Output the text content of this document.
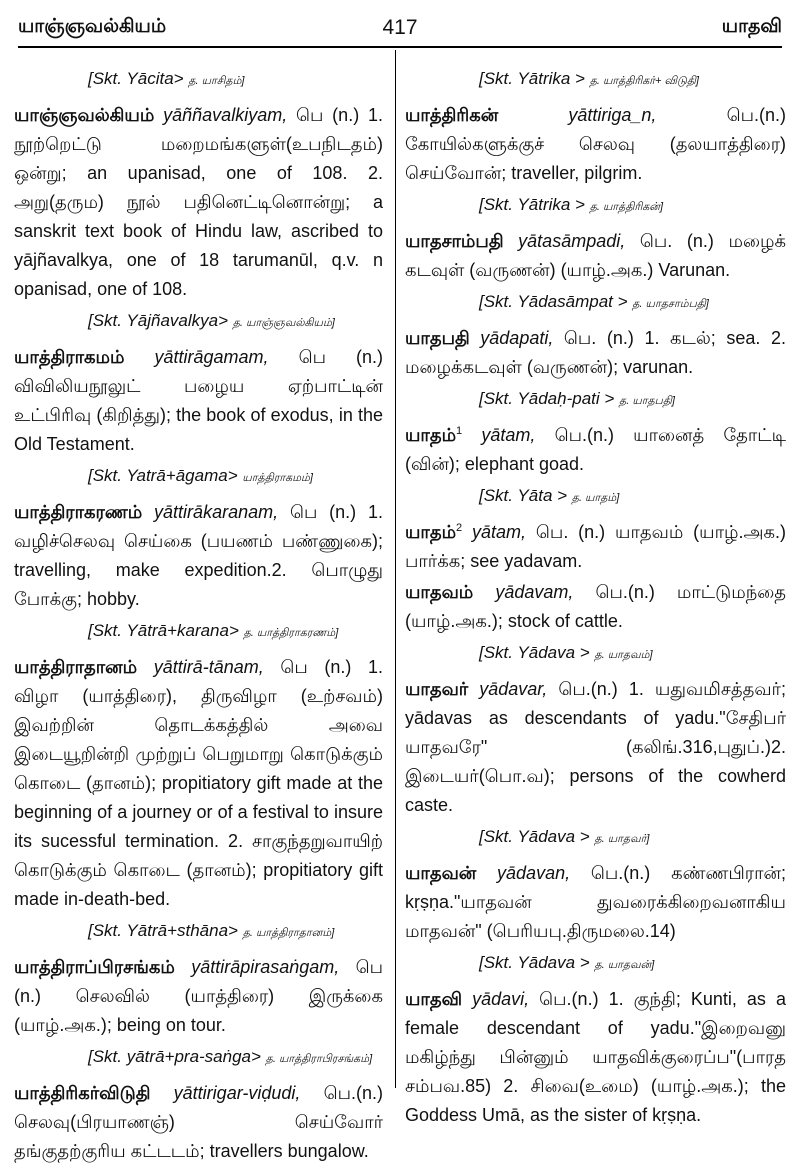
யாஞ்ஞவல்கியம்	417	யாதவி
[Skt. Yācita> த. யாசிதம்]
யாஞ்ஞவல்கியம் yāññavalkiyam, பெ (n.) 1. நூற்றெட்டு மறைமங்களுள்(உபநிடதம்) ஒன்று; an upanisad, one of 108. 2. அறு(தரும) நூல் பதினெட்டினொன்று; a sanskrit text book of Hindu law, ascribed to yājñavalkya, one of 18 tarumanūl, q.v. n opanisad, one of 108.
[Skt. Yājñavalkya> த. யாஞ்ஞவல்கியம்]
யாத்திராகமம் yāttirāgamam, பெ (n.) விவிலியநூலுட் பழைய ஏற்பாட்டின் உட்பிரிவு (கிறித்து); the book of exodus, in the Old Testament.
[Skt. Yatrā+āgama> யாத்திராகமம்]
யாத்திராகரணம் yāttirākaranam, பெ (n.) 1. வழிச்செலவு செய்கை (பயணம் பண்ணுகை); travelling, make expedition.2. பொழுது போக்கு; hobby.
[Skt. Yātrā+karana> த. யாத்திராகரணம்]
யாத்திராதானம் yāttirā-tānam, பெ (n.) 1. விழா (யாத்திரை), திருவிழா (உற்சவம்) இவற்றின் தொடக்கத்தில் அவை இடையூறின்றி முற்றுப் பெறுமாறு கொடுக்கும் கொடை (தானம்); propitiatory gift made at the beginning of a journey or of a festival to insure its sucessful termination. 2. சாகுந்தறுவாயிற் கொடுக்கும் கொடை (தானம்); propitiatory gift made in-death-bed.
[Skt. Yātrā+sthāna> த. யாத்திராதானம்]
யாத்திராப்பிரசங்கம் yāttirāpirasaṅgam, பெ (n.) செலவில் (யாத்திரை) இருக்கை (யாழ்.அக.); being on tour.
[Skt. yātrā+pra-saṅga> த. யாத்திராபிரசங்கம்]
யாத்திரிகர்விடுதி yāttirigar-viḍudi, பெ.(n.) செலவு(பிரயாணஞ்) செய்வோர் தங்குதற்குரிய கட்டடம்; travellers bungalow.
[Skt. Yātrika > த. யாத்திரிகர்+ விடுதி]
யாத்திரிகன்	yāttiriga_n,	பெ.(n.) கோயில்களுக்குச் செலவு (தலயாத்திரை) செய்வோன்; traveller, pilgrim.
[Skt. Yātrika > த. யாத்திரிகன்]
யாதசாம்பதி yātasāmpadi, பெ. (n.) மழைக் கடவுள் (வருணன்) (யாழ்.அக.) Varunan.
[Skt. Yādasāmpat > த. யாதசாம்பதி]
யாதபதி yādapati, பெ. (n.) 1. கடல்; sea. 2. மழைக்கடவுள் (வருணன்); varunan.
[Skt. Yādaḥ-pati > த. யாதபதி]
யாதம்$^1$ yātam, பெ.(n.) யானைத் தோட்டி (வின்); elephant goad.
[Skt. Yāta > த. யாதம்]
யாதம்$^2$ yātam, பெ. (n.) யாதவம் (யாழ்.அக.) பார்க்க; see yadavam.
யாதவம் yādavam, பெ.(n.) மாட்டுமந்தை (யாழ்.அக.); stock of cattle.
[Skt. Yādava > த. யாதவம்]
யாதவர் yādavar, பெ.(n.) 1. யதுவமிசத்தவர்; yādavas as descendants of yadu."சேதிபர் யாதவரே" (கலிங்.316,புதுப்.)2. இடையர்(பொ.வ); persons of the cowherd caste.
[Skt. Yādava > த. யாதவர்]
யாதவன் yādavan, பெ.(n.) கண்ணபிரான்; kṛṣṇa."யாதவன் துவரைக்கிறைவனாகிய மாதவன்" (பெரியபு.திருமலை.14)
[Skt. Yādava > த. யாதவன்]
யாதவி yādavi, பெ.(n.) 1. குந்தி; Kunti, as a female descendant of yadu."இறைவனு மகிழ்ந்து பின்னும் யாதவிக்குரைப்ப"(பாரத சம்பவ.85) 2. சிவை(உமை) (யாழ்.அக.); the Goddess Umā, as the sister of kṛṣṇa.
